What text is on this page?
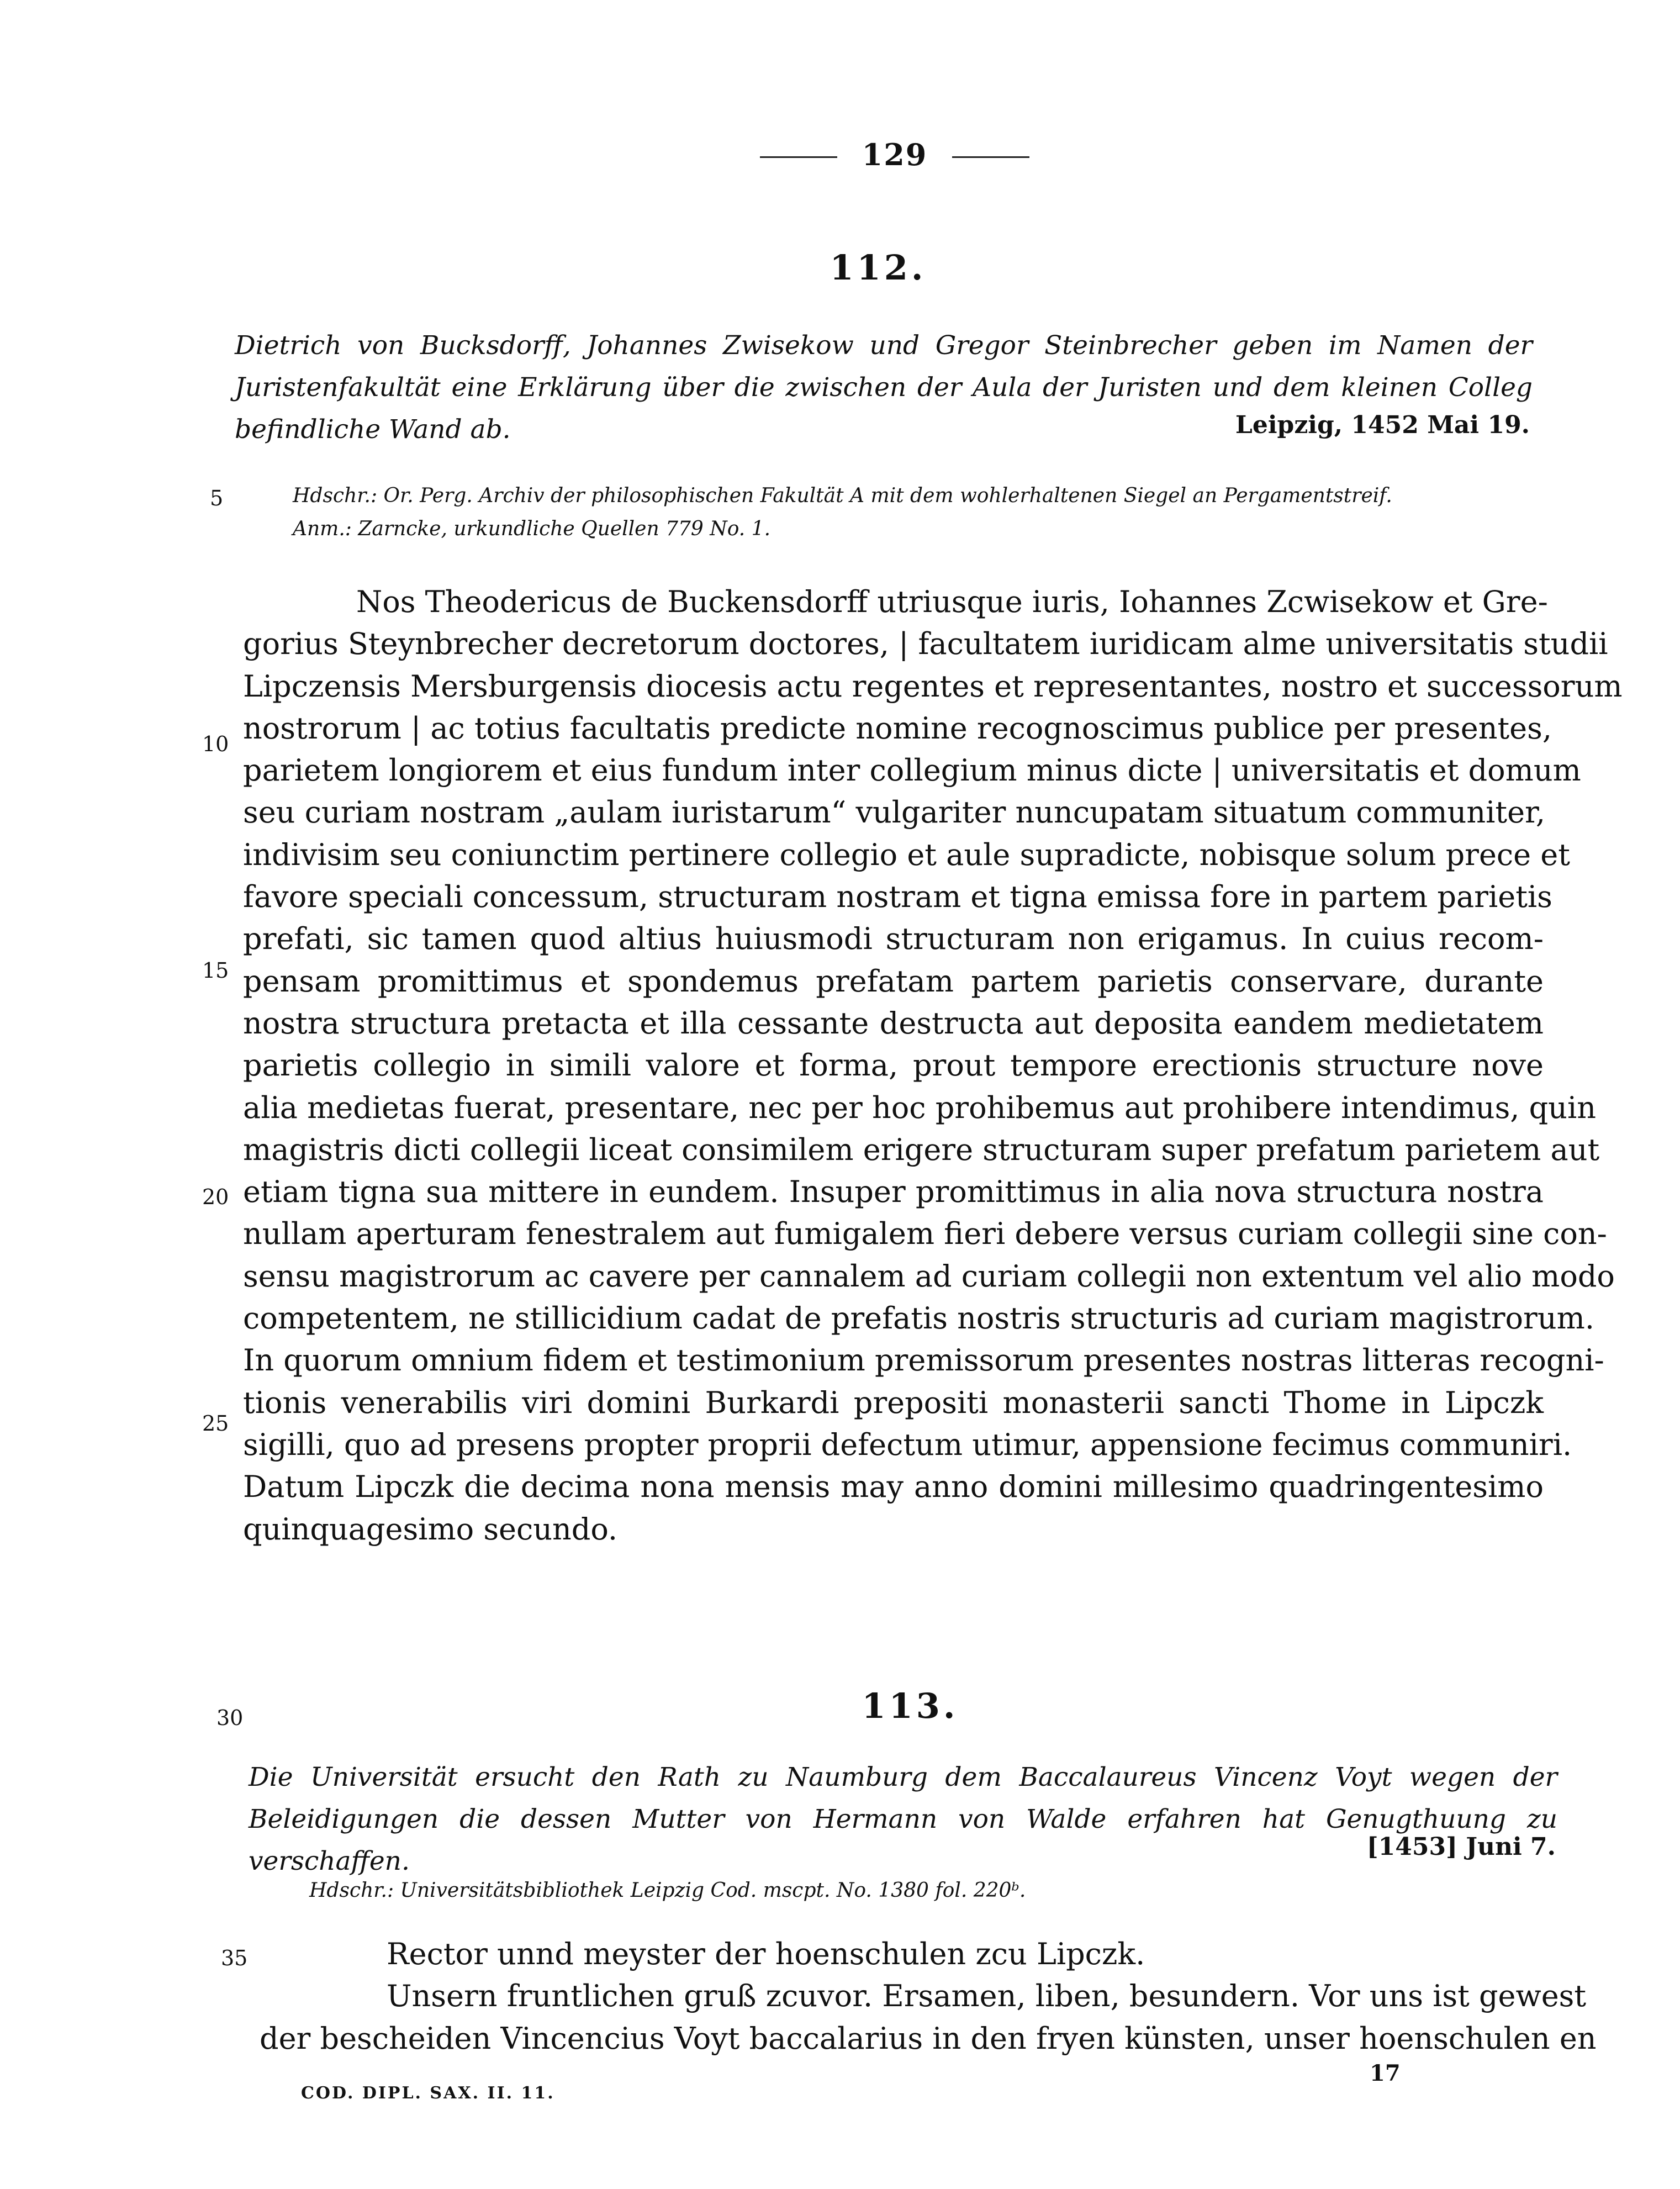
129
112.
Dietrich von Bucksdorff, Johannes Zwisekow und Gregor Steinbrecher geben im Namen der Juristenfakultät eine Erklärung über die zwischen der Aula der Juristen und dem kleinen Colleg befindliche Wand ab.	Leipzig, 1452 Mai 19.
5	Hdschr.: Or. Perg. Archiv der philosophischen Fakultät A mit dem wohlerhaltenen Siegel an Pergamentstreif.
Anm.: Zarncke, urkundliche Quellen 779 No. 1.
Nos Theodericus de Buckensdorff utriusque iuris, Iohannes Zcwisekow et Gre-
gorius Steynbrecher decretorum doctores, | facultatem iuridicam alme universitatis studii
Lipczensis Mersburgensis diocesis actu regentes et representantes, nostro et successorum
nostrorum | ac totius facultatis predicte nomine recognoscimus publice per presentes,
parietem longiorem et eius fundum inter collegium minus dicte | universitatis et domum
seu curiam nostram „aulam iuristarum“ vulgariter nuncupatam situatum communiter,
indivisim seu coniunctim pertinere collegio et aule supradicte, nobisque solum prece et
favore speciali concessum, structuram nostram et tigna emissa fore in partem parietis
prefati, sic tamen quod altius huiusmodi structuram non erigamus. In cuius recom-
pensam promittimus et spondemus prefatam partem parietis conservare, durante
nostra structura pretacta et illa cessante destructa aut deposita eandem medietatem
parietis collegio in simili valore et forma, prout tempore erectionis structure nove
alia medietas fuerat, presentare, nec per hoc prohibemus aut prohibere intendimus, quin
magistris dicti collegii liceat consimilem erigere structuram super prefatum parietem aut
etiam tigna sua mittere in eundem. Insuper promittimus in alia nova structura nostra
nullam aperturam fenestralem aut fumigalem fieri debere versus curiam collegii sine con-
sensu magistrorum ac cavere per cannalem ad curiam collegii non extentum vel alio modo
competentem, ne stillicidium cadat de prefatis nostris structuris ad curiam magistrorum.
In quorum omnium fidem et testimonium premissorum presentes nostras litteras recogni-
tionis venerabilis viri domini Burkardi prepositi monasterii sancti Thome in Lipczk
sigilli, quo ad presens propter proprii defectum utimur, appensione fecimus communiri.
Datum Lipczk die decima nona mensis may anno domini millesimo quadringentesimo
quinquagesimo secundo.
10
15
20
25
30	113.
Die Universität ersucht den Rath zu Naumburg dem Baccalaureus Vincenz Voyt wegen der Beleidigungen die dessen Mutter von Hermann von Walde erfahren hat Genugthuung zu verschaffen.	[1453] Juni 7.
Hdschr.: Universitätsbibliothek Leipzig Cod. mscpt. No. 1380 fol. 220ᵇ.
35	Rector unnd meyster der hoenschulen zcu Lipczk.
Unsern fruntlichen gruß zcuvor. Ersamen, liben, besundern. Vor uns ist gewest
der bescheiden Vincencius Voyt baccalarius in den fryen künsten, unser hoenschulen en
COD. DIPL. SAX. II. 11.
17
